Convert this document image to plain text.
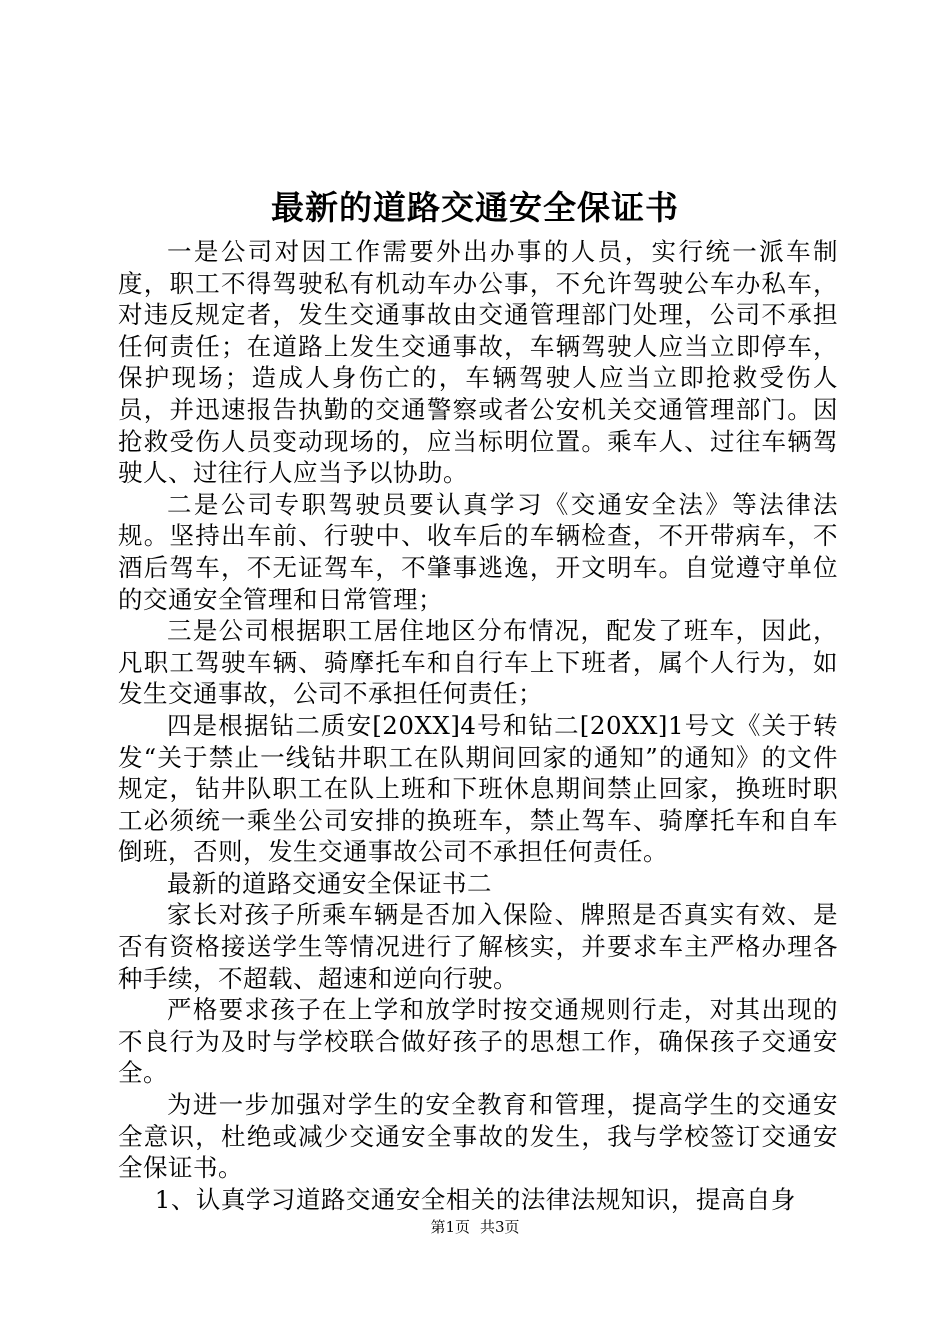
最新的道路交通安全保证书

一是公司对因工作需要外出办事的人员，实行统一派车制度，职工不得驾驶私有机动车办公事，不允许驾驶公车办私车，对违反规定者，发生交通事故由交通管理部门处理，公司不承担任何责任；在道路上发生交通事故，车辆驾驶人应当立即停车，保护现场；造成人身伤亡的，车辆驾驶人应当立即抢救受伤人员，并迅速报告执勤的交通警察或者公安机关交通管理部门。因抢救受伤人员变动现场的，应当标明位置。乘车人、过往车辆驾驶人、过往行人应当予以协助。

二是公司专职驾驶员要认真学习《交通安全法》等法律法规。坚持出车前、行驶中、收车后的车辆检查，不开带病车，不酒后驾车，不无证驾车，不肇事逃逸，开文明车。自觉遵守单位的交通安全管理和日常管理；

三是公司根据职工居住地区分布情况，配发了班车，因此，凡职工驾驶车辆、骑摩托车和自行车上下班者，属个人行为，如发生交通事故，公司不承担任何责任；

四是根据钻二质安[20XX]4号和钻二[20XX]1号文《关于转发“关于禁止一线钻井职工在队期间回家的通知”的通知》的文件规定，钻井队职工在队上班和下班休息期间禁止回家，换班时职工必须统一乘坐公司安排的换班车，禁止驾车、骑摩托车和自车倒班，否则，发生交通事故公司不承担任何责任。

最新的道路交通安全保证书二

家长对孩子所乘车辆是否加入保险、牌照是否真实有效、是否有资格接送学生等情况进行了解核实，并要求车主严格办理各种手续，不超载、超速和逆向行驶。

严格要求孩子在上学和放学时按交通规则行走，对其出现的不良行为及时与学校联合做好孩子的思想工作，确保孩子交通安全。

为进一步加强对学生的安全教育和管理，提高学生的交通安全意识，杜绝或减少交通安全事故的发生，我与学校签订交通安全保证书。

1、认真学习道路交通安全相关的法律法规知识，提高自身

第1页 共3页
